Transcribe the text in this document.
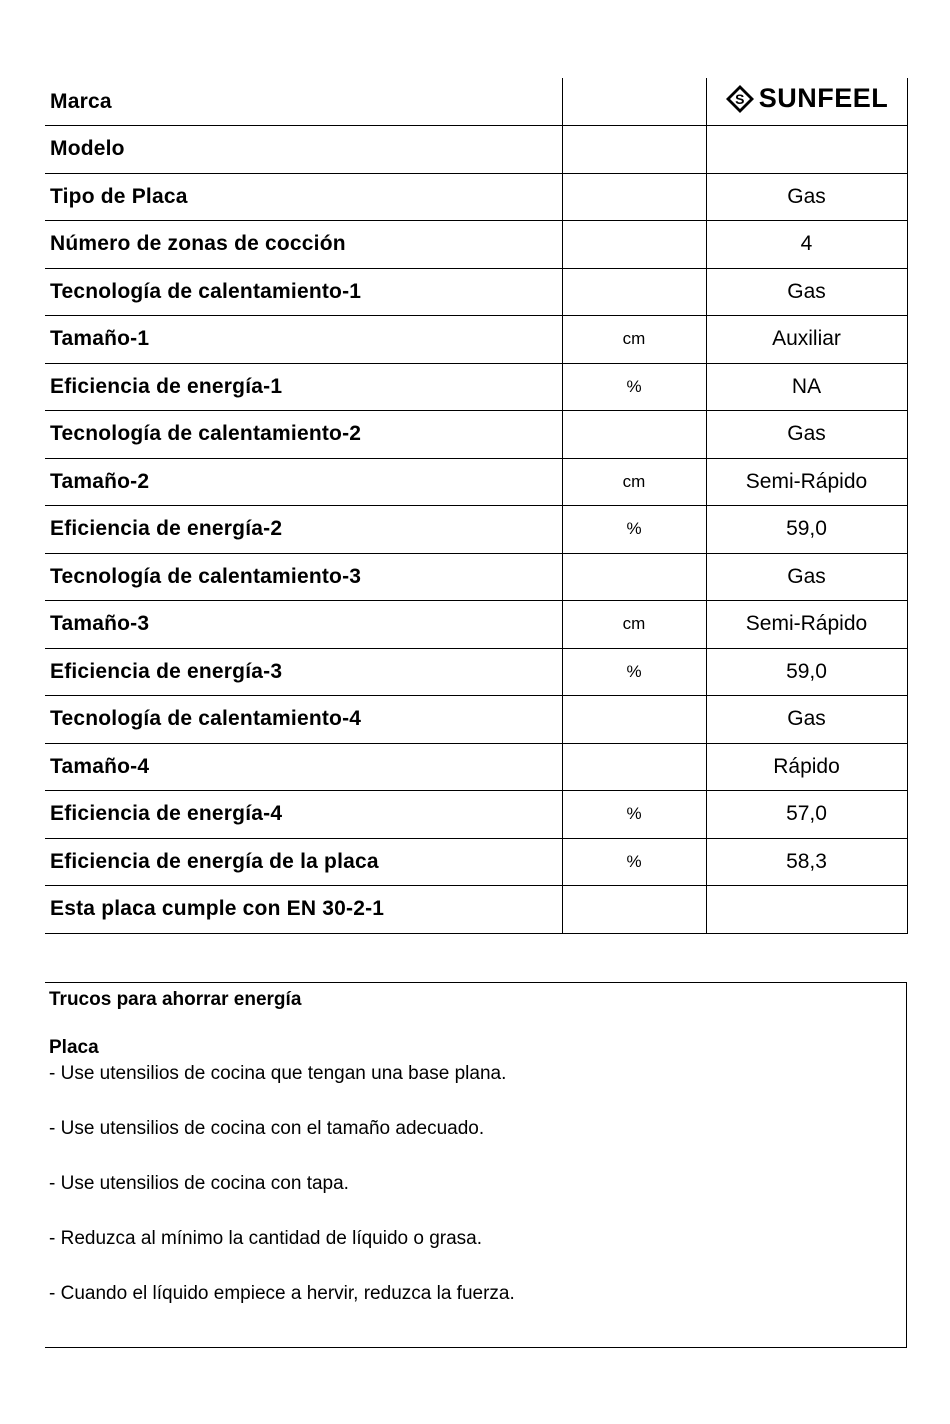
Marca		S SUNFEEL

Modelo		
Tipo de Placa		Gas
Número de zonas de cocción		4
Tecnología de calentamiento-1		Gas
Tamaño-1	cm	Auxiliar
Eficiencia de energía-1	%	NA
Tecnología de calentamiento-2		Gas
Tamaño-2	cm	Semi-Rápido
Eficiencia de energía-2	%	59,0
Tecnología de calentamiento-3		Gas
Tamaño-3	cm	Semi-Rápido
Eficiencia de energía-3	%	59,0
Tecnología de calentamiento-4		Gas
Tamaño-4		Rápido
Eficiencia de energía-4	%	57,0
Eficiencia de energía de la placa	%	58,3
Esta placa cumple con EN 30-2-1		

Trucos para ahorrar energía

Placa

- Use utensilios de cocina que tengan una base plana.
- Use utensilios de cocina con el tamaño adecuado.
- Use utensilios de cocina con tapa.
- Reduzca al mínimo la cantidad de líquido o grasa.
- Cuando el líquido empiece a hervir, reduzca la fuerza.
